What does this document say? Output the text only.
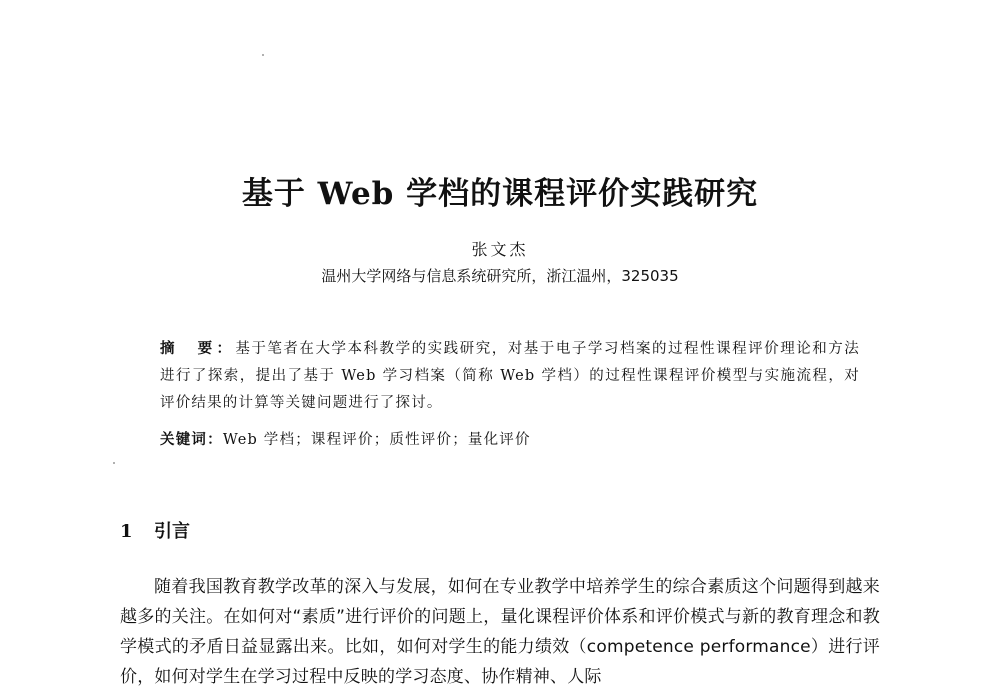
基于 Web 学档的课程评价实践研究
张文杰
温州大学网络与信息系统研究所，浙江温州，325035
摘　要：基于笔者在大学本科教学的实践研究，对基于电子学习档案的过程性课程评价理论和方法进行了探索，提出了基于 Web 学习档案（简称 Web 学档）的过程性课程评价模型与实施流程，对评价结果的计算等关键问题进行了探讨。
关键词：Web 学档；课程评价；质性评价；量化评价
1 引言
随着我国教育教学改革的深入与发展，如何在专业教学中培养学生的综合素质这个问题得到越来越多的关注。在如何对“素质”进行评价的问题上，量化课程评价体系和评价模式与新的教育理念和教学模式的矛盾日益显露出来。比如，如何对学生的能力绩效（competence performance）进行评价，如何对学生在学习过程中反映的学习态度、协作精神、人际
